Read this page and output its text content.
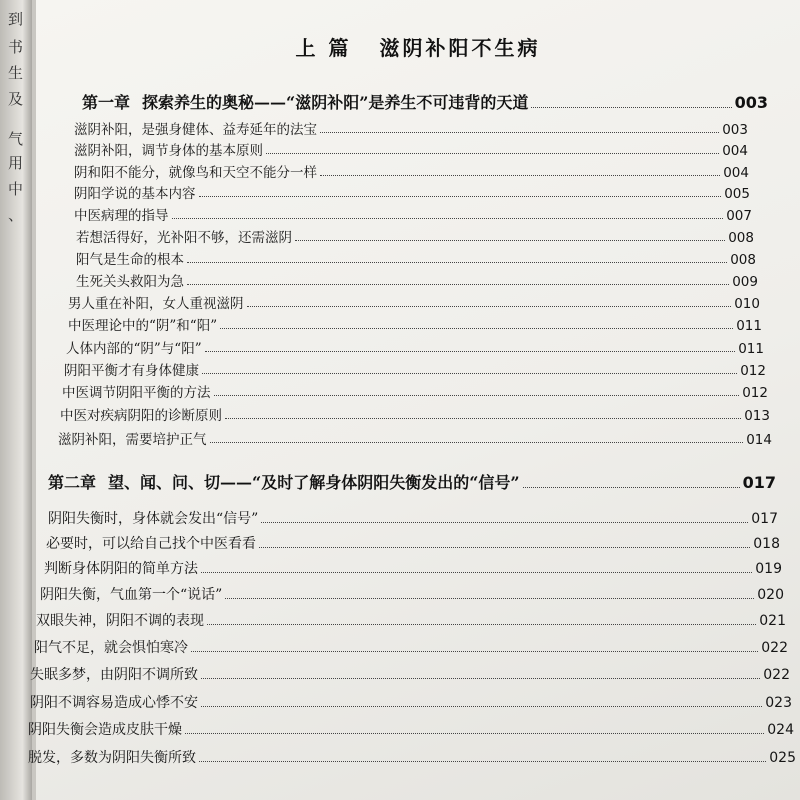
到
书
生
及
气
用
中
、
上 篇 滋阴补阳不生病
第一章 探索养生的奥秘——“滋阴补阳”是养生不可违背的天道	003
滋阴补阳，是强身健体、益寿延年的法宝	003
滋阴补阳，调节身体的基本原则	004
阴和阳不能分，就像鸟和天空不能分一样	004
阴阳学说的基本内容	005
中医病理的指导	007
若想活得好，光补阳不够，还需滋阴	008
阳气是生命的根本	008
生死关头救阳为急	009
男人重在补阳，女人重视滋阴	010
中医理论中的“阴”和“阳”	011
人体内部的“阴”与“阳”	011
阴阳平衡才有身体健康	012
中医调节阴阳平衡的方法	012
中医对疾病阴阳的诊断原则	013
滋阴补阳，需要培护正气	014
第二章 望、闻、问、切——“及时了解身体阴阳失衡发出的“信号”	017
阴阳失衡时，身体就会发出“信号”	017
必要时，可以给自己找个中医看看	018
判断身体阴阳的简单方法	019
阴阳失衡，气血第一个“说话”	020
双眼失神，阴阳不调的表现	021
阳气不足，就会惧怕寒冷	022
失眠多梦，由阴阳不调所致	022
阴阳不调容易造成心悸不安	023
阴阳失衡会造成皮肤干燥	024
脱发，多数为阴阳失衡所致	025
